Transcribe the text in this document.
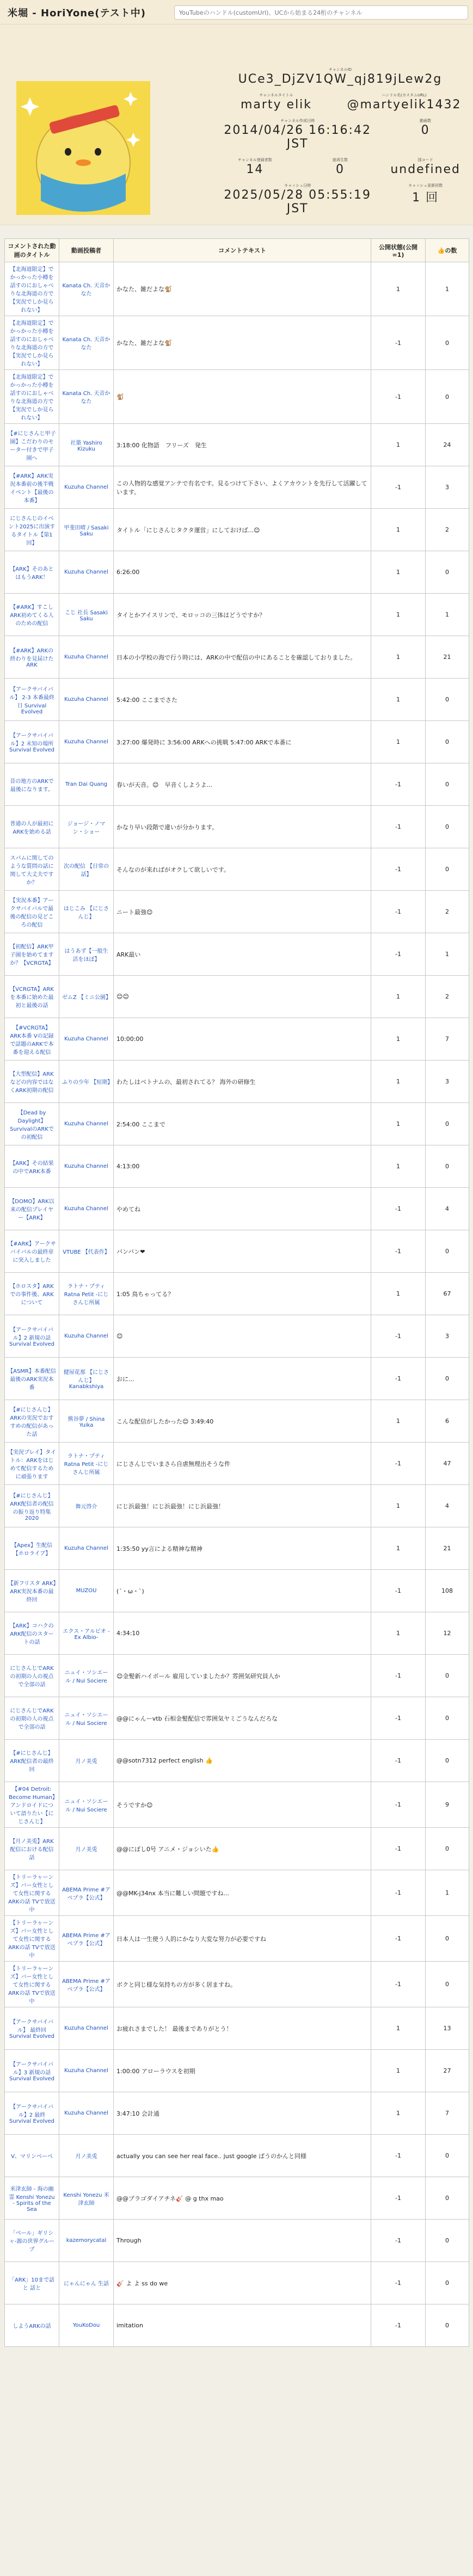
米堀 - HoriYone(テスト中)
YouTubeのハンドル(customUrl)、UCから始まる24桁のチャンネル
チャンネルID
UCe3_DjZV1QW_qj819jLew2g
チャンネルタイトル
marty elik
ハンドル名(カスタムURL)
@martyelik1432
チャンネル作成日時
2014/04/26 16:16:42 JST
動画数
0
チャンネル登録者数
14
総再生数
0
国コード
undefined
キャッシュ日時
2025/05/28 05:55:19 JST
キャッシュ更新回数
1 回
コメントされた動画のタイトル	動画投稿者	コメントテキスト	公開状態(公開=1)	👍の数
【北海道限定】でかっかった小樽を話すのにおしゃべりな北海道の方で【実況でしか見られない】	Kanata Ch. 天音かなた	かなた、雑だよな🐒	1	1
【北海道限定】でかっかった小樽を話すのにおしゃべりな北海道の方で【実況でしか見られない】	Kanata Ch. 天音かなた	かなた、雑だよな🐒	-1	0
【北海道限定】でかっかった小樽を話すのにおしゃべりな北海道の方で【実況でしか見られない】	Kanata Ch. 天音かなた	🐒	-1	0
【#にじさんじ甲子園】こだわりのモーター付きで甲子園へ	社築 Yashiro Kizuku	3:18:00 化物語　フリーズ　発生	1	24
【#ARK】ARK実況本番前の後半戦イベント【最後の本番】	Kuzuha Channel	この人物的な感覚アンテで有名です。見るつけて下さい、よくアカウントを先行して活躍しています。	-1	3
にじさんじのイベント2025に出演するタイトル【第1回】	甲斐田晴 / Sasaki Saku	タイトル「にじさんじタクタ運営」にしておけば...😊	1	2
【ARK】そのあとはもうARK！	Kuzuha Channel	6:26:00	1	0
【#ARK】すこしARK初めてくる人のための配信	こじ 社長 Sasaki Saku	タイとかアイスリンで、モロッコの三体はどうですか？	1	1
【#ARK】ARKの終わりを見届けたARK	Kuzuha Channel	日本の小学校の海で行う時には、ARKの中で配信の中にあることを確認しておりました。	1	21
【アークサバイバル】 2-3 本番最終日 Survival Evolved	Kuzuha Channel	5:42:00 ここまでさた	1	0
【アークサバイバル】2 未知の場所 Survival Evolved	Kuzuha Channel	3:27:00 爆発時に 3:56:00 ARKへの挑戦 5:47:00 ARKで本番に	1	0
昔の地方のARKで最後になります。	Tran Dai Quang	春いが天音。😊　早音くしようよ...	-1	0
普通の人が最初にARKを始める話	ジョージ・ノマン・ショー	かなり早い段階で違いが分かります。	-1	0
スパムに関してのような質問の話に関して大丈夫ですか？	次の配信 【日常の話】	そんなのが来ればがオクして欲しいです。	-1	0
【実況本番】アークサバイバルで最後の配信の見どころの配信	はじこみ 【にじさんじ】	ニート最強😊	-1	2
【初配信】ARK甲子園を始めてますか？【VCRGTA】	はうあず【一般生活をほぼ】	ARK最い	-1	1
【VCRGTA】ARKを本番に始めた最初と最後の話	ゼムZ 【ミニ公園】	😊😊	1	2
【#VCRGTA】ARK本番 Vの記録で話題のARKで本番を迎える配信	Kuzuha Channel	10:00:00	1	7
【大型配信】ARKなどの内容ではなくARK初期の配信	ふりの少年 【短期】	わたしはベトナムの、最初されてる？ 海外の研修生	1	3
【Dead by Daylight】SurvivalのARKでの初配信	Kuzuha Channel	2:54:00 ここまで	1	0
【ARK】その結果の中でARK本番	Kuzuha Channel	4:13:00	1	0
【DOMO】ARK以来の配信プレイヤー【ARK】	Kuzuha Channel	やめてね	-1	4
【#ARK】アークサバイバルの最終章に突入しました	VTUBE 【代表作】	バンバン❤	-1	0
【ホロスタ】ARKでの事件後、ARKについて	ラトナ・プティ Ratna Petit -にじさんじ所属	1:05 鳥ちゃってる？	1	67
【アークサバイバル】2 新規の話 Survival Evolved	Kuzuha Channel	😊	-1	3
【ASMR】本番配信最後のARK実況本番	健屋花那 【にじさんじ】 Kanabkshiya	おに...	-1	0
【#にじさんじ】ARKの実況でおすすめの配信があった話	熊谷夢 / Shina Yuika	こんな配信がしたかった😊 3:49:40	1	6
【実況プレイ】タイトル：ARKをはじめて配信するために頑張ります	ラトナ・プティ Ratna Petit -にじさんじ所属	にじさんじでいまさら自虐無理出そうな件	-1	47
【#にじさんじ】ARK配信者の配信の振り返り特集2020	舞元啓介	にじ浜最強！にじ浜最強！にじ浜最強！	1	4
【Apex】生配信【ホロライブ】	Kuzuha Channel	1:35:50 yy言による精神な精神	1	21
【新フリスタ ARK】ARK実況本番の最終回	MUZOU	(´・ω・`)	-1	108
【ARK】コハクのARK配信のスタートの話	エクス・アルビオ -Ex Albio-	4:34:10	1	12
にじさんじでARKの初期の人の視点で全部の話	ニュイ・ソシエール / Nui Sociere	😊金髪新ハイボール 雇用していましたか？雰囲気研究員人か	-1	0
にじさんじでARKの初期の人の視点で全部の話	ニュイ・ソシエール / Nui Sociere	@@にゃんーvtb 石相金髪配信で雰囲気ヤミごうなんだろな	-1	0
【#にじさんじ】ARK配信者の最終回	月ノ美兎	@@sotn7312 perfect english 👍	-1	0
【#04 Detroit: Become Human】アンドロイドについて語りたい【にじさんじ】	ニュイ・ソシエール / Nui Sociere	そうですか😊	-1	9
【月ノ美兎】ARK配信における配信話	月ノ美兎	@@にぼし0号 アニメ・ジョシいた👍	-1	0
【トリーラャーンズ】バー女性として女性に関するARKの話 TVで放送中	ABEMA Prime #アベプラ【公式】	@@MK-j34nx 本当に難しい問題ですね...	-1	1
【トリーラャーンズ】バー女性として女性に関するARKの話 TVで放送中	ABEMA Prime #アベプラ【公式】	日本人は一生使う人的にかなり大変な努力が必要ですね	-1	0
【トリーラャーンズ】バー女性として女性に関するARKの話 TVで放送中	ABEMA Prime #アベプラ【公式】	ボクと同じ様な気持ちの方が多く居ますね。	-1	0
【アークサバイバル】 最終回 Survival Evolved	Kuzuha Channel	お疲れさまでした！ 最後までありがとう！	1	13
【アークサバイバル】3 新規の話 Survival Evolved	Kuzuha Channel	1:00:00 アローラウスを初期	1	27
【アークサバイバル】2 最終 Survival Evolved	Kuzuha Channel	3:47:10 会計通	1	7
V、マリンベーベ	月ノ美兎	actually you can see her real face.. just google ぱうのかんと同様	-1	0
米津玄師 - 海の幽霊 Kenshi Yonezu - Spirits of the Sea	Kenshi Yonezu 米津玄師	@@プラゴダイアチネ🎸 @ g thx mao	-1	0
「ベール」ギリシャ-源の世界グループ	kazemorycatal	Through	-1	0
「ARK」10まで話と 話と	にゃんにゃん 生話	🎸 よ よ ss do we	-1	0
しようARKの話	YouKoDou	imitation	-1	0
